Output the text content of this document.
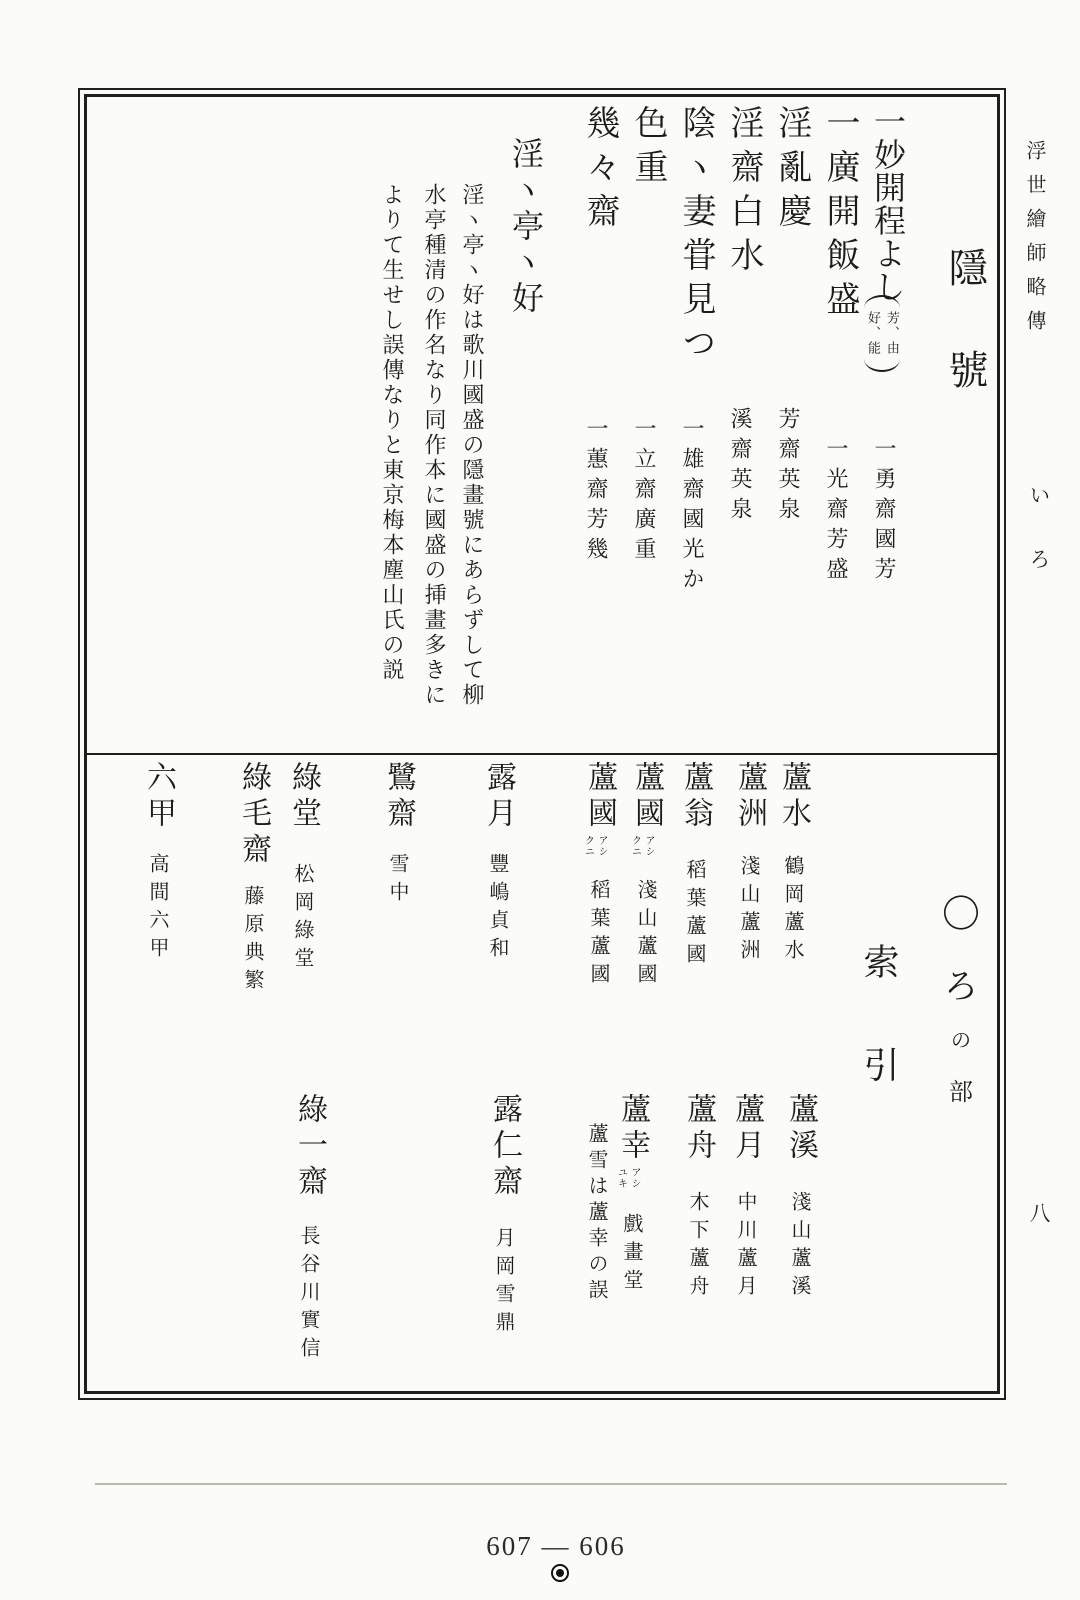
隱號
一妙開程よし
芳、由
好、能
一勇齋國芳
一廣開飯盛
一光齋芳盛
淫亂慶
芳齋英泉
淫齋白水
溪齋英泉
陰ヽ妻甞見つ
一雄齋國光か
色重
一立齋廣重
幾々齋
一蕙齋芳幾
淫ヽ亭ヽ好
淫ヽ亭ヽ好は歌川國盛の隱畫號にあらずして柳
水亭種清の作名なり同作本に國盛の挿畫多きに
よりて生せし誤傳なりと東京梅本塵山氏の説
〇
ろ
の
部
索引
蘆水
鶴岡蘆水
蘆洲
淺山蘆洲
蘆翁
稻葉蘆國
蘆國
アシ
クニ
淺山蘆國
蘆國
アシ
クニ
稻葉蘆國
露月
豐嶋貞和
鷺齋
雪中
綠堂
松岡綠堂
綠毛齋
藤原典繁
六甲
高間六甲
蘆溪
淺山蘆溪
蘆月
中川蘆月
蘆舟
木下蘆舟
蘆幸
アシ
ユキ
戲畫堂
蘆雪は蘆幸の誤
露仁齋
月岡雪鼎
綠一齋
長谷川實信
浮世繪師略傳
い
ろ
八
607 — 606
